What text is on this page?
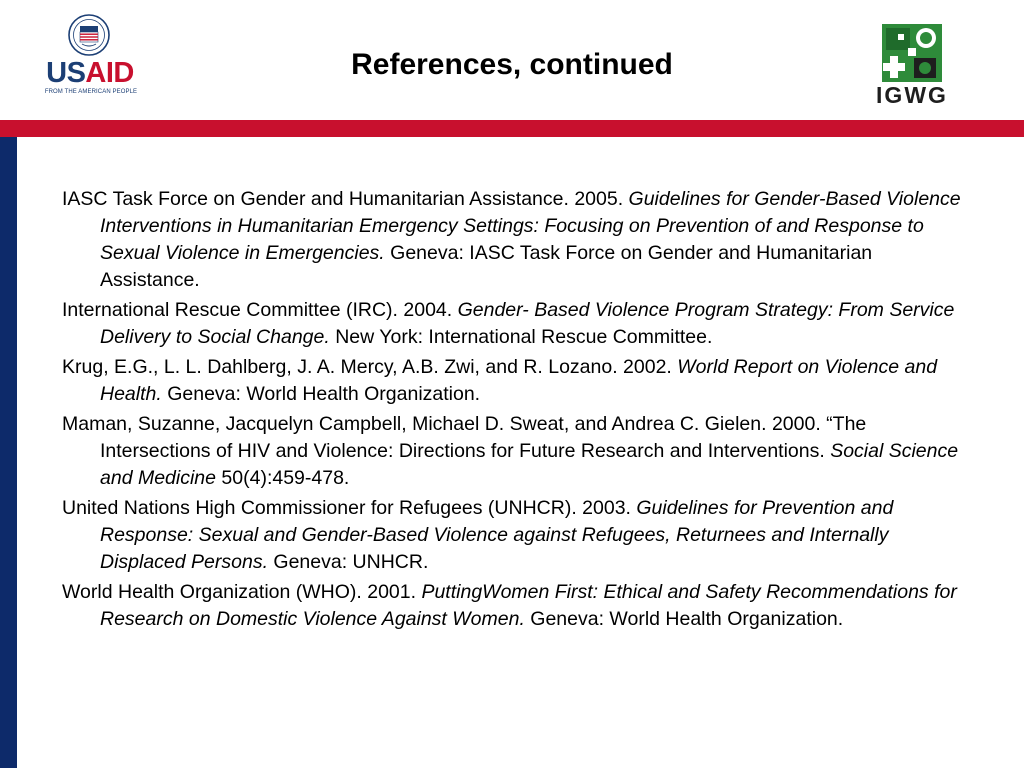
USAID
FROM THE AMERICAN PEOPLE
References, continued
IGWG
IASC Task Force on Gender and Humanitarian Assistance. 2005. Guidelines for Gender-Based Violence Interventions in Humanitarian Emergency Settings: Focusing on Prevention of and Response to Sexual Violence in Emergencies. Geneva: IASC Task Force on Gender and Humanitarian Assistance.
International Rescue Committee (IRC). 2004. Gender- Based Violence Program Strategy: From Service Delivery to Social Change. New York: International Rescue Committee.
Krug, E.G., L. L. Dahlberg, J. A. Mercy, A.B. Zwi, and R. Lozano. 2002. World Report on Violence and Health. Geneva: World Health Organization.
Maman, Suzanne, Jacquelyn Campbell, Michael D. Sweat, and Andrea C. Gielen. 2000. “The Intersections of HIV and Violence: Directions for Future Research and Interventions. Social Science and Medicine 50(4):459-478.
United Nations High Commissioner for Refugees (UNHCR). 2003. Guidelines for Prevention and Response: Sexual and Gender-Based Violence against Refugees, Returnees and Internally Displaced Persons. Geneva: UNHCR.
World Health Organization (WHO). 2001. PuttingWomen First: Ethical and Safety Recommendations for Research on Domestic Violence Against Women. Geneva: World Health Organization.
